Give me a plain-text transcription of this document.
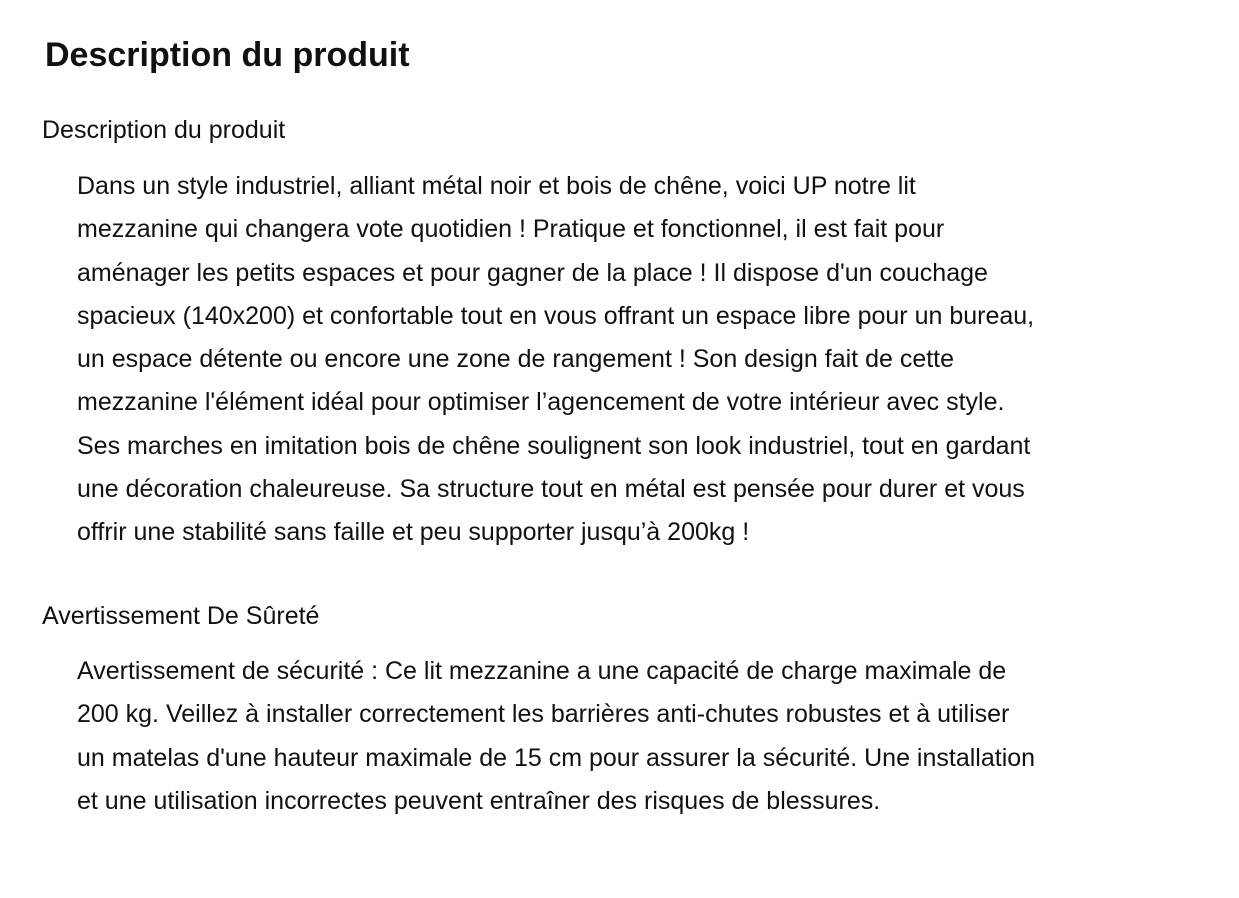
Description du produit
Description du produit
Dans un style industriel, alliant métal noir et bois de chêne, voici UP notre lit
mezzanine qui changera vote quotidien ! Pratique et fonctionnel, il est fait pour
aménager les petits espaces et pour gagner de la place ! Il dispose d'un couchage
spacieux (140x200) et confortable tout en vous offrant un espace libre pour un bureau,
un espace détente ou encore une zone de rangement ! Son design fait de cette
mezzanine l'élément idéal pour optimiser l’agencement de votre intérieur avec style.
Ses marches en imitation bois de chêne soulignent son look industriel, tout en gardant
une décoration chaleureuse. Sa structure tout en métal est pensée pour durer et vous
offrir une stabilité sans faille et peu supporter jusqu’à 200kg !
Avertissement De Sûreté
Avertissement de sécurité : Ce lit mezzanine a une capacité de charge maximale de
200 kg. Veillez à installer correctement les barrières anti-chutes robustes et à utiliser
un matelas d'une hauteur maximale de 15 cm pour assurer la sécurité. Une installation
et une utilisation incorrectes peuvent entraîner des risques de blessures.
